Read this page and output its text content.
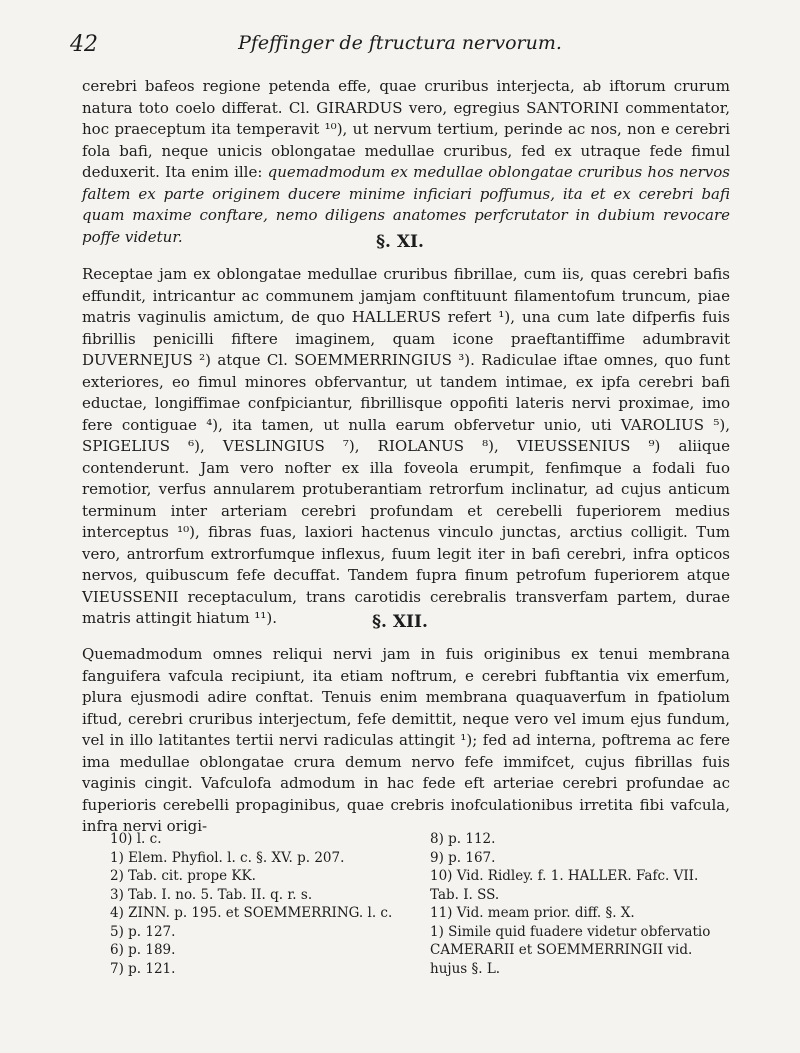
42	Pfeffinger de ftructura nervorum.

cerebri bafeos regione petenda effe, quae cruribus interjecta, ab iftorum crurum natura toto coelo differat. Cl. GIRARDUS vero, egregius SANTORINI commentator, hoc praeceptum ita temperavit ¹⁰), ut nervum tertium, perinde ac nos, non e cerebri fola bafi, neque unicis oblongatae medullae cruribus, fed ex utraque fede fimul deduxerit. Ita enim ille: quemadmodum ex medullae oblongatae cruribus hos nervos faltem ex parte originem ducere minime inficiari poffumus, ita et ex cerebri bafi quam maxime conftare, nemo diligens anatomes perfcrutator in dubium revocare poffe videtur.	§. XI.

Receptae jam ex oblongatae medullae cruribus fibrillae, cum iis, quas cerebri bafis effundit, intricantur ac communem jamjam conftituunt filamentofum truncum, piae matris vaginulis amictum, de quo HALLERUS refert ¹), una cum late difperfis fuis fibrillis penicilli fiftere imaginem, quam icone praeftantiffime adumbravit DUVERNEJUS ²) atque Cl. SOEMMERRINGIUS ³). Radiculae iftae omnes, quo funt exteriores, eo fimul minores obfervantur, ut tandem intimae, ex ipfa cerebri bafi eductae, longiffimae confpiciantur, fibrillisque oppofiti lateris nervi proximae, imo fere contiguae ⁴), ita tamen, ut nulla earum obfervetur unio, uti VAROLIUS ⁵), SPIGELIUS ⁶), VESLINGIUS ⁷), RIOLANUS ⁸), VIEUSSENIUS ⁹) aliique contenderunt. Jam vero nofter ex illa foveola erumpit, fenfimque a fodali fuo remotior, verfus annularem protuberantiam retrorfum inclinatur, ad cujus anticum terminum inter arteriam cerebri profundam et cerebelli fuperiorem medius interceptus ¹⁰), fibras fuas, laxiori hactenus vinculo junctas, arctius colligit. Tum vero, antrorfum extrorfumque inflexus, fuum legit iter in bafi cerebri, infra opticos nervos, quibuscum fefe decuffat. Tandem fupra finum petrofum fuperiorem atque VIEUSSENII receptaculum, trans carotidis cerebralis transverfam partem, durae matris attingit hiatum ¹¹).	§. XII.

Quemadmodum omnes reliqui nervi jam in fuis originibus ex tenui membrana fanguifera vafcula recipiunt, ita etiam noftrum, e cerebri fubftantia vix emerfum, plura ejusmodi adire conftat. Tenuis enim membrana quaquaverfum in fpatiolum iftud, cerebri cruribus interjectum, fefe demittit, neque vero vel imum ejus fundum, vel in illo latitantes tertii nervi radiculas attingit ¹); fed ad interna, poftrema ac fere ima medullae oblongatae crura demum nervo fefe immifcet, cujus fibrillas fuis vaginis cingit. Vafculofa admodum in hac fede eft arteriae cerebri profundae ac fuperioris cerebelli propaginibus, quae crebris inofculationibus irretita fibi vafcula, infra nervi origi-

10) l. c.
1) Elem. Phyfiol. l. c. §. XV. p. 207.
2) Tab. cit. prope KK.
3) Tab. I. no. 5. Tab. II. q. r. s.
4) ZINN. p. 195. et SOEMMERRING. l. c.
5) p. 127.
6) p. 189.
7) p. 121.
8) p. 112.
9) p. 167.
10) Vid. Ridley. f. 1. HALLER. Fafc. VII. Tab. I. SS.
11) Vid. meam prior. diff. §. X.
1) Simile quid fuadere videtur obfervatio CAMERARII et SOEMMERRINGII vid. hujus §. L.
